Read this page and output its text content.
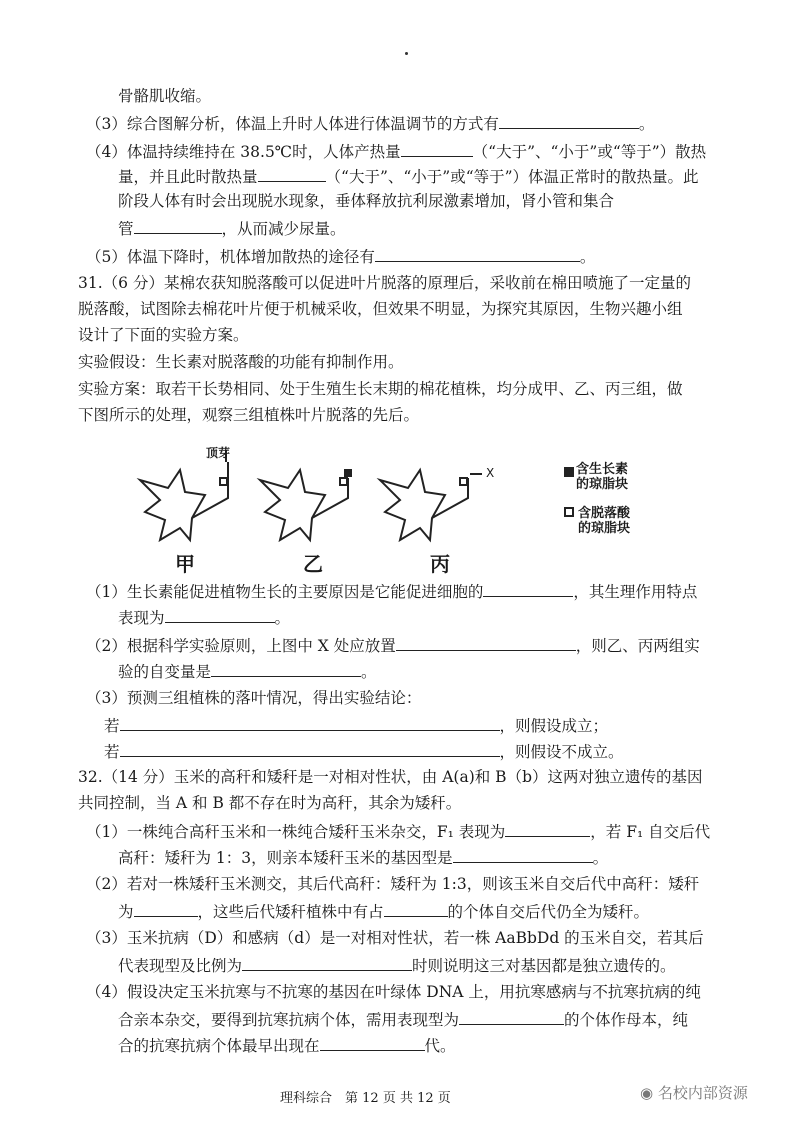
骨骼肌收缩。
（3）综合图解分析，体温上升时人体进行体温调节的方式有	。
（4）体温持续维持在 38.5℃时，人体产热量	（“大于”、“小于”或“等于”）散热
量，并且此时散热量	（“大于”、“小于”或“等于”）体温正常时的散热量。此
阶段人体有时会出现脱水现象，垂体释放抗利尿激素增加，肾小管和集合
管	，从而减少尿量。
（5）体温下降时，机体增加散热的途径有	。
31.（6 分）某棉农获知脱落酸可以促进叶片脱落的原理后，采收前在棉田喷施了一定量的
脱落酸，试图除去棉花叶片便于机械采收，但效果不明显，为探究其原因，生物兴趣小组
设计了下面的实验方案。
实验假设：生长素对脱落酸的功能有抑制作用。
实验方案：取若干长势相同、处于生殖生长末期的棉花植株，均分成甲、乙、丙三组，做
下图所示的处理，观察三组植株叶片脱落的先后。
顶芽
X	含生长素
的琼脂块
含脱落酸
的琼脂块
甲	乙	丙
（1）生长素能促进植物生长的主要原因是它能促进细胞的	，其生理作用特点
表现为	。
（2）根据科学实验原则，上图中 X 处应放置	，则乙、丙两组实
验的自变量是	。
（3）预测三组植株的落叶情况，得出实验结论：
若	，则假设成立；
若	，则假设不成立。
32.（14 分）玉米的高秆和矮秆是一对相对性状，由 A(a)和 B（b）这两对独立遗传的基因
共同控制，当 A 和 B 都不存在时为高秆，其余为矮秆。
（1）一株纯合高秆玉米和一株纯合矮秆玉米杂交，F₁ 表现为	，若 F₁ 自交后代
高秆：矮秆为 1：3，则亲本矮秆玉米的基因型是	。
（2）若对一株矮秆玉米测交，其后代高秆：矮秆为 1:3，则该玉米自交后代中高秆：矮秆
为	，这些后代矮秆植株中有占	的个体自交后代仍全为矮秆。
（3）玉米抗病（D）和感病（d）是一对相对性状，若一株 AaBbDd 的玉米自交，若其后
代表现型及比例为	时则说明这三对基因都是独立遗传的。
（4）假设决定玉米抗寒与不抗寒的基因在叶绿体 DNA 上，用抗寒感病与不抗寒抗病的纯
合亲本杂交，要得到抗寒抗病个体，需用表现型为	的个体作母本，纯
合的抗寒抗病个体最早出现在	代。
理科综合　 第 12 页 共 12 页	◉ 名校内部资源
